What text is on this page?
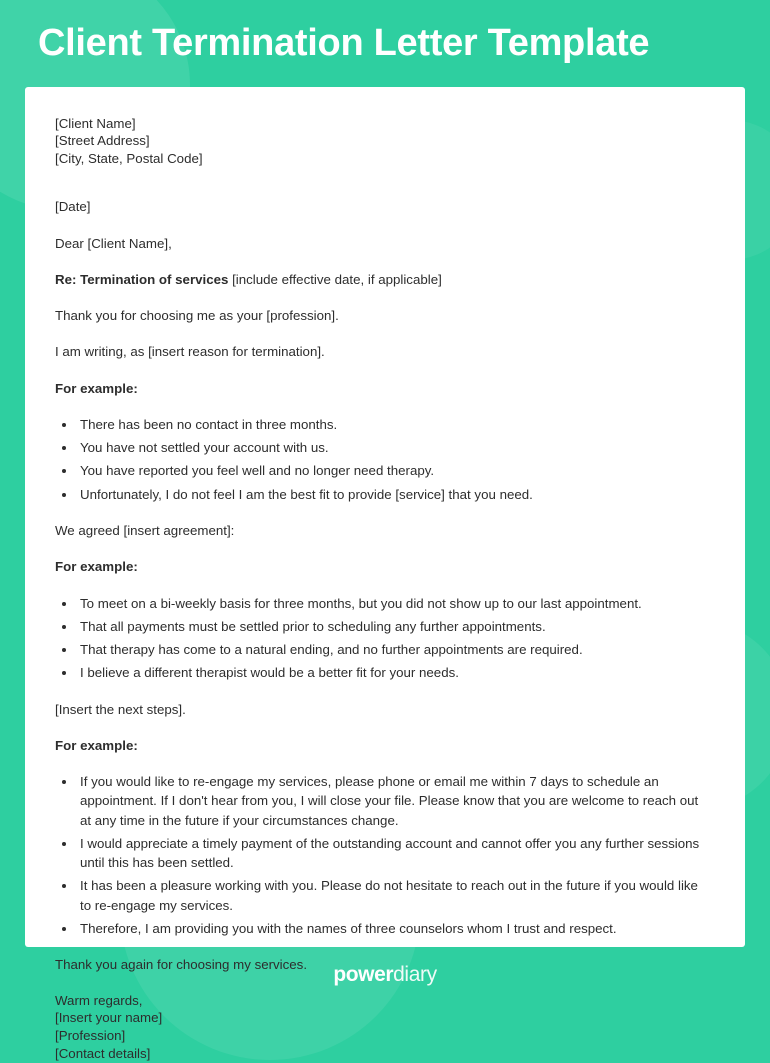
Client Termination Letter Template
[Client Name]
[Street Address]
[City, State, Postal Code]

[Date]

Dear [Client Name],

Re: Termination of services [include effective date, if applicable]

Thank you for choosing me as your [profession].

I am writing, as [insert reason for termination].

For example:

• There has been no contact in three months.
• You have not settled your account with us.
• You have reported you feel well and no longer need therapy.
• Unfortunately, I do not feel I am the best fit to provide [service] that you need.

We agreed [insert agreement]:

For example:

• To meet on a bi-weekly basis for three months, but you did not show up to our last appointment.
• That all payments must be settled prior to scheduling any further appointments.
• That therapy has come to a natural ending, and no further appointments are required.
• I believe a different therapist would be a better fit for your needs.

[Insert the next steps].

For example:

• If you would like to re-engage my services, please phone or email me within 7 days to schedule an appointment. If I don't hear from you, I will close your file. Please know that you are welcome to reach out at any time in the future if your circumstances change.
• I would appreciate a timely payment of the outstanding account and cannot offer you any further sessions until this has been settled.
• It has been a pleasure working with you. Please do not hesitate to reach out in the future if you would like to re-engage my services.
• Therefore, I am providing you with the names of three counselors whom I trust and respect.

Thank you again for choosing my services.

Warm regards,
[Insert your name]
[Profession]
[Contact details]
powerdiary
